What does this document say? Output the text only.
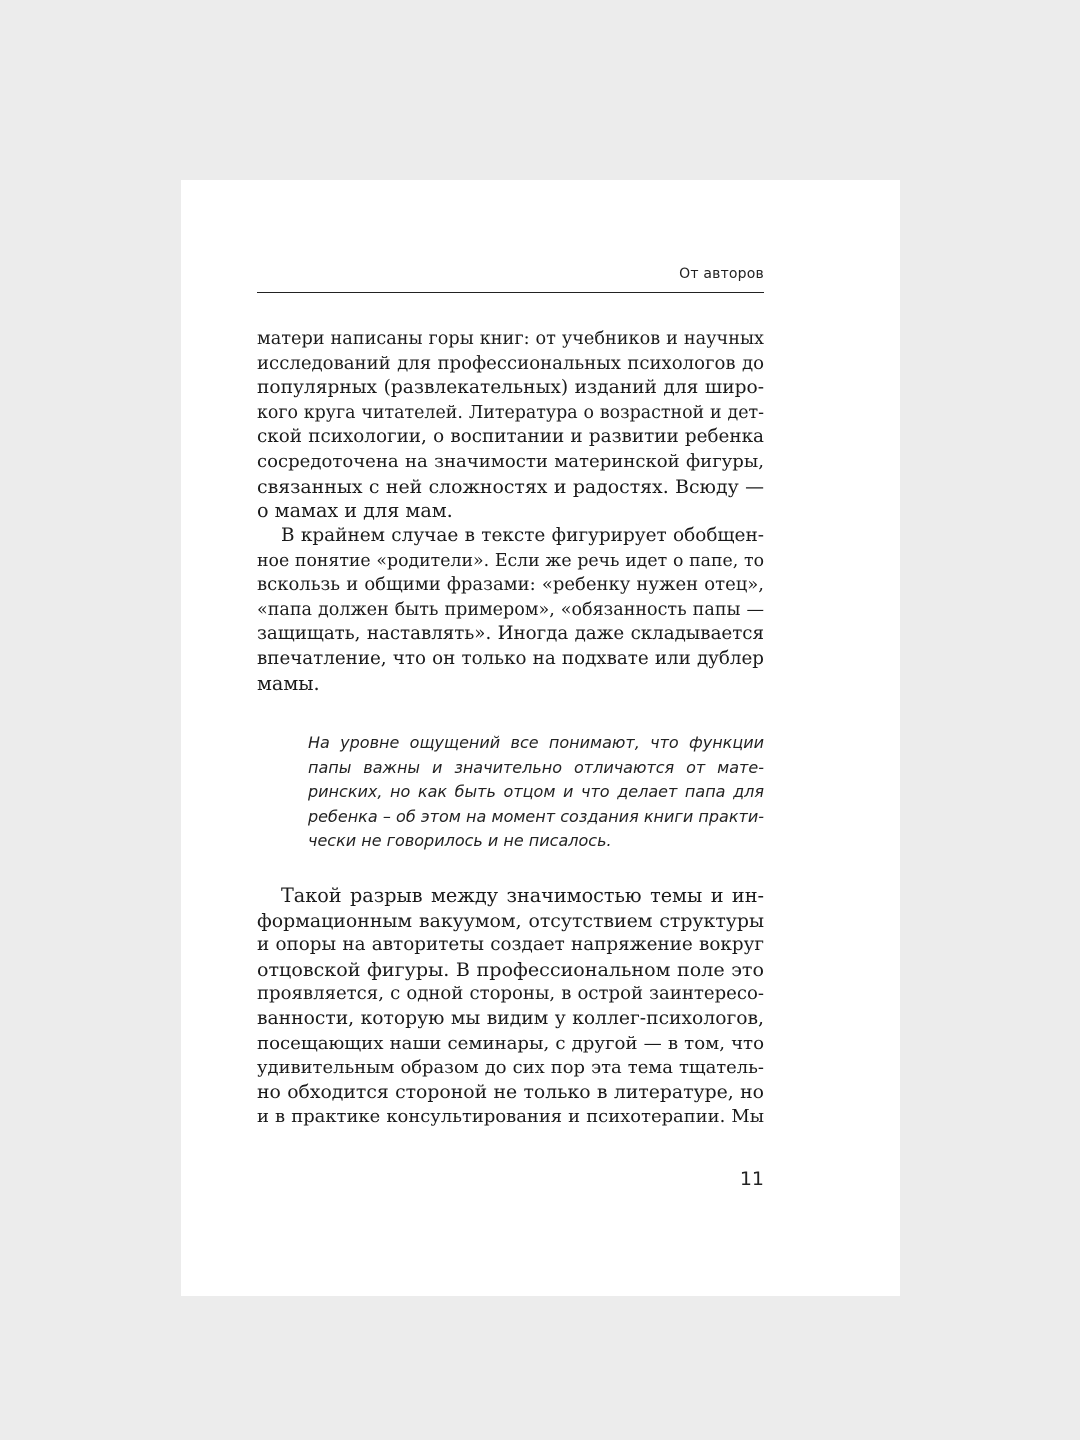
От авторов
матери написаны горы книг: от учебников и научных
исследований для профессиональных психологов до
популярных (развлекательных) изданий для широ-
кого круга читателей. Литература о возрастной и дет-
ской психологии, о воспитании и развитии ребенка
сосредоточена на значимости материнской фигуры,
связанных с ней сложностях и радостях. Всюду —
о мамах и для мам.
В крайнем случае в тексте фигурирует обобщен-
ное понятие «родители». Если же речь идет о папе, то
вскользь и общими фразами: «ребенку нужен отец»,
«папа должен быть примером», «обязанность папы —
защищать, наставлять». Иногда даже складывается
впечатление, что он только на подхвате или дублер
мамы.
На уровне ощущений все понимают, что функции
папы важны и значительно отличаются от мате-
ринских, но как быть отцом и что делает папа для
ребенка – об этом на момент создания книги практи-
чески не говорилось и не писалось.
Такой разрыв между значимостью темы и ин-
формационным вакуумом, отсутствием структуры
и опоры на авторитеты создает напряжение вокруг
отцовской фигуры. В профессиональном поле это
проявляется, с одной стороны, в острой заинтересо-
ванности, которую мы видим у коллег-психологов,
посещающих наши семинары, с другой — в том, что
удивительным образом до сих пор эта тема тщатель-
но обходится стороной не только в литературе, но
и в практике консультирования и психотерапии. Мы
11
